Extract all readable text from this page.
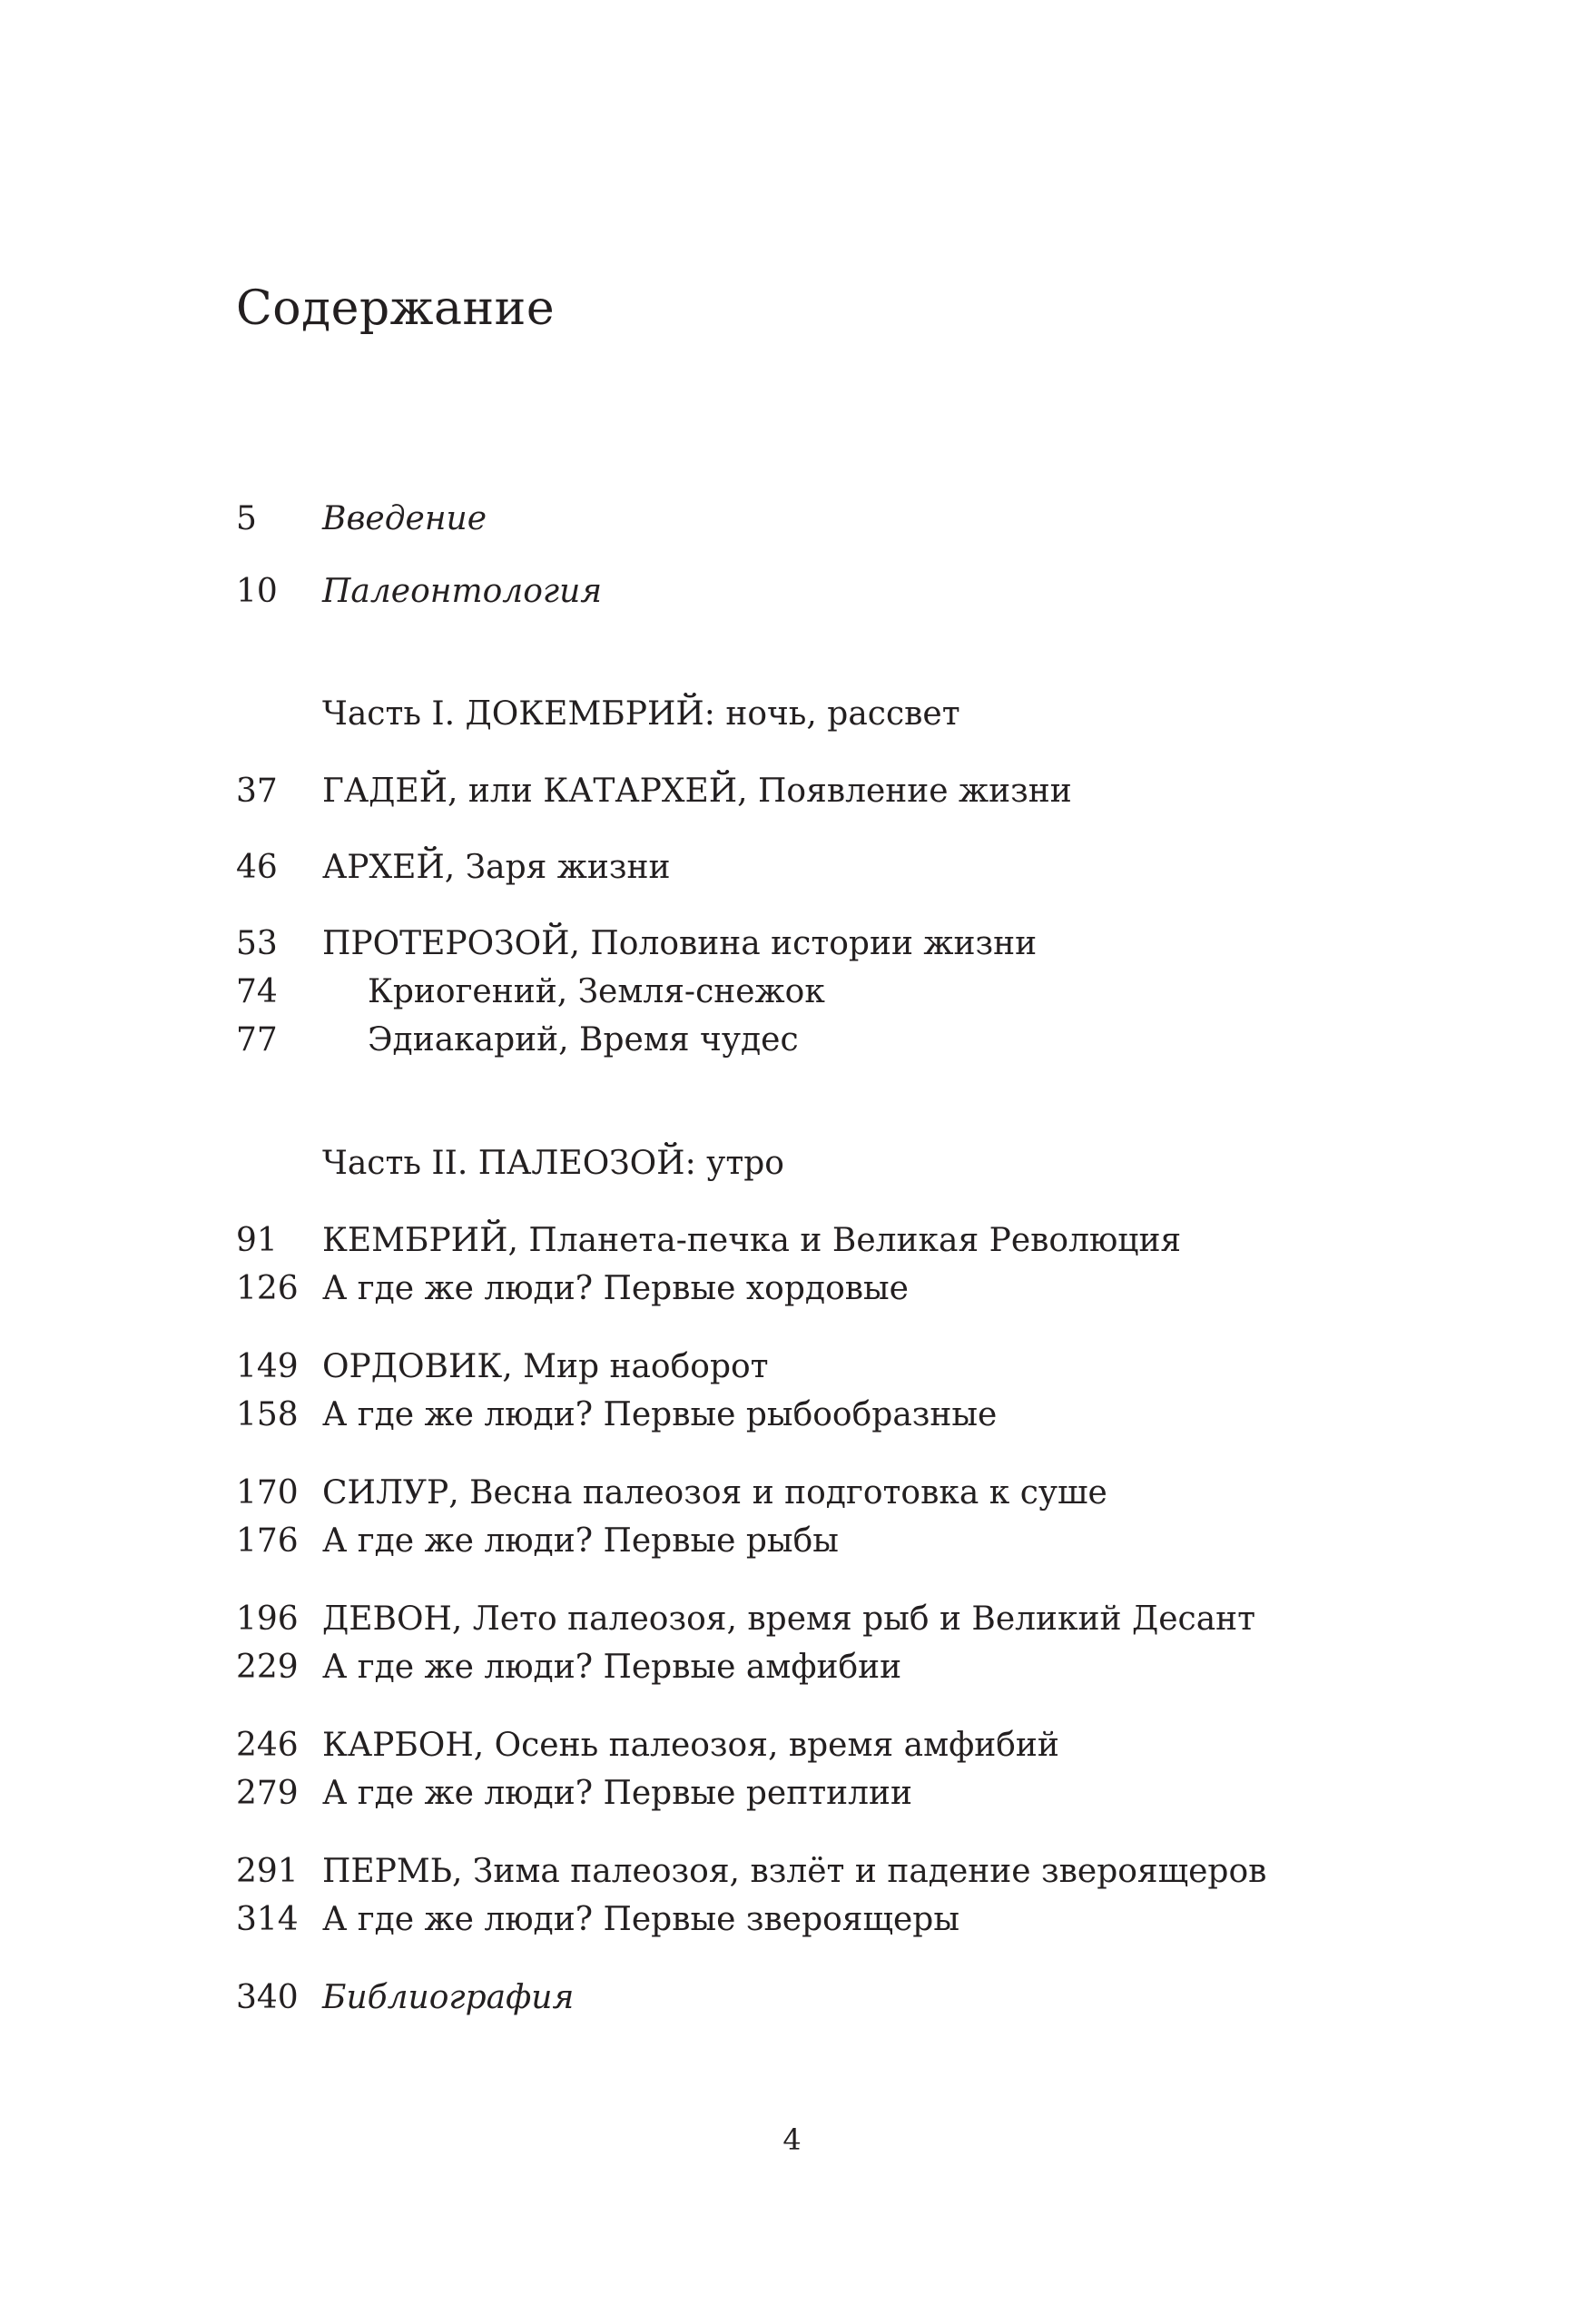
Содержание
5 Введение
10 Палеонтология
Часть I. ДОКЕМБРИЙ: ночь, рассвет
37 ГАДЕЙ, или КАТАРХЕЙ, Появление жизни
46 АРХЕЙ, Заря жизни
53 ПРОТЕРОЗОЙ, Половина истории жизни
74	Криогений, Земля-снежок
77	Эдиакарий, Время чудес
Часть II. ПАЛЕОЗОЙ: утро
91 КЕМБРИЙ, Планета-печка и Великая Революция
126 А где же люди? Первые хордовые
149 ОРДОВИК, Мир наоборот
158 А где же люди? Первые рыбообразные
170 СИЛУР, Весна палеозоя и подготовка к суше
176 А где же люди? Первые рыбы
196 ДЕВОН, Лето палеозоя, время рыб и Великий Десант
229 А где же люди? Первые амфибии
246 КАРБОН, Осень палеозоя, время амфибий
279 А где же люди? Первые рептилии
291 ПЕРМЬ, Зима палеозоя, взлёт и падение звероящеров
314 А где же люди? Первые звероящеры
340 Библиография
4
